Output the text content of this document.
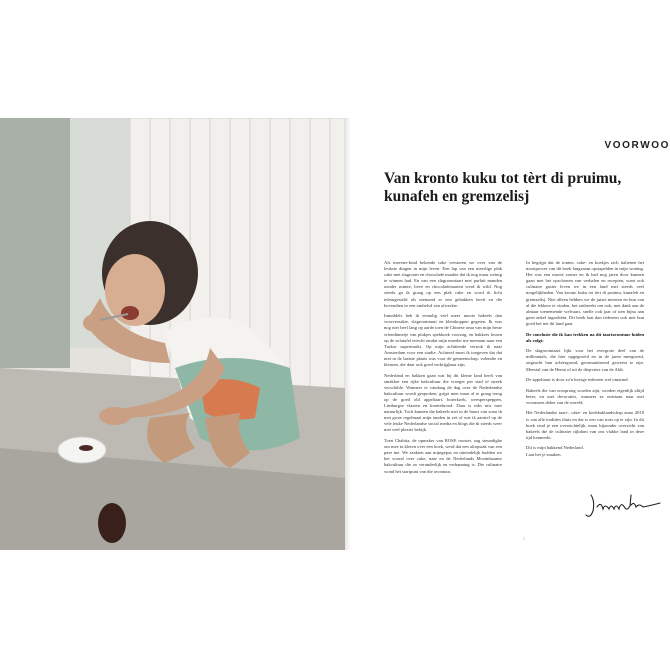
VOORWOO
Van kronto kuku tot tèrt di pruimu,
kunafeh en gremzelisj

Als meester-kind bekende cake verstoren we over van de leukste dingen in mijn leven. Een lap van een meerlige plak cake met slagroom en chocolade maakte dat ik nog maar weinig te winnen had. En van een slagroomtaart met parfait manden zonder ruimte, lieve en chocoladetaarten werd ik wild. Nog steeds ga ik graag op een plak cake en word ik licht teleurgesteld als niemand er een gebakken heeft en die bovendien in een omhelsd van afwerkte.

Inmiddels heb ik eentalig veel meer mooie bakeels dan voorverzakte, slagroomtaart en kleinkoppen gegeten. Ik was nog niet heel lang op aarde toen de Chinese oma van mijn beste vriendinnetje van plakjes spekkoek voorzag, en bakkers lessen op de sofatafel terecht omdat mijn moeder me meenam naar een Turkse supermarkt. Op mijn achttiende vertrok ik naar Amsterdam voor een studie. Achteraf moet ik toegeven dat dat niet in de laatste plaats was voor de gemeenschap, volendie en kleuren, die daar ook goed verkrijgbaar zijn.

Nederland en bakken gaan wat bij dit kleine land heeft van smakker een rijke bakcultuur die vroeger per stad of streek verschilde. Wanneer er vandaag de dag over de Nederlandse bakcultuur wordt gesproken, grijpt men maar al te graag terug op de goed old appeltaart, boterkoek, weesperspeppen, Limburgse vlaaien en krentebrood. Daar is niks mis mee natuurlijk. Toch kunnen die bakeels niet in de buurt van waar ik met grote regelmaat mijn tanden in zet of wat ik aantref op de vele leuke Nederlandse social media en blogs die ik steeds weer met veel plezier bekijk.

Toen Chabita, de opmaker van ROSE rooster, zag steundighe om mee in kleren over een boek, werd dat een aftopstak van een pase me. We zaakten aan mijngepas en uiteindelijk hadden we het vooral over cake, naar en de Nederlands Mosimbaanse bakcultuur die zo veranderlijk en verbanning is. Die culinaire wond het startpunt van die avontuur.

In begrijpt dat de tonten, cake- en koekjes zich italienen het mooiproces van dit boek langzaam opstapelden in mijn woning. Het was een mooie zomer en ik had nog jaren door kunnen gaan met het opschonen van verhalen en recepten, want ook culinaire gaster leven we in een land met steeds veel mogelijkheden. Van kronto kuku tot tèrt di pruimu, kunafeh en gremzelisj. Niet alleen hebben we de juiste mensen en bun van al die lekkere te vinden, het ontbreekt om ook, met dank aan de almaar toenemende welvaart, snelle ook jaar of tien bijna aan geen enkel ingrediënt. Dit boek laat dan iedereen ook met bun goed het net dit land gaat.

De conclusie die ik kan trekken na dit taartavontuur luiden als volgt:

De slagroomtaart lijkt voor het overgrote deel van de millennials, die hier opgegroeid en in de jaren meegroeid, ongeacht hun achtergrond, geromantiseerd geweest te zijn. Meestal van de Hema of uit de diepvries van de Aldi.

De appeltaart is door zo'n bovige iedereen wel omarmd.

Bakeels die van oorsprong worden zijn, worden eigenlijk altijd beter, en met decoraties, wanneer ze ontstaan naar niet woonseen delen van de wereld.

Het Nederlandse taart-, cake- en koekbaklandschap anno 2018 is van alle tradities thuis en dat is een van trots op te zijn. In dit boek vind je een overzichtelijk, maar bijzonder overzicht van bakeels die de culinaire rijkdom van ons vlakke land in deze tijd kenmerkt.

Dit is mijn bakkend Nederland.

Laat het je smaken.

1
